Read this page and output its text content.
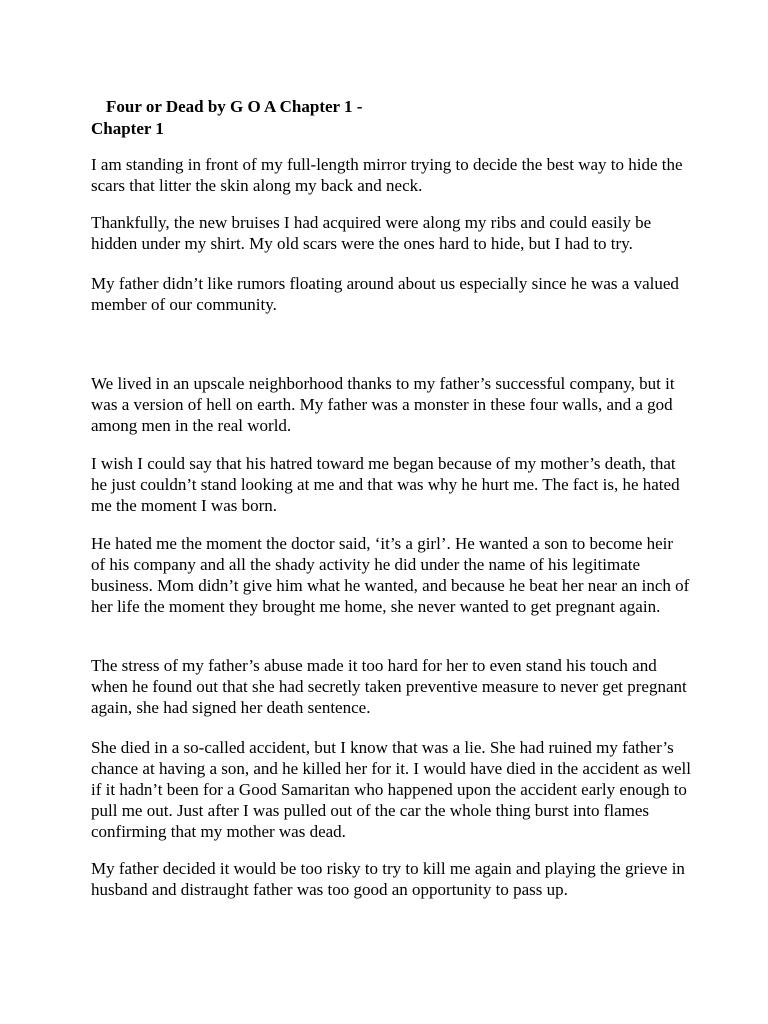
Four or Dead by G O A Chapter 1 -
Chapter 1

I am standing in front of my full-length mirror trying to decide the best way to hide the scars that litter the skin along my back and neck.

Thankfully, the new bruises I had acquired were along my ribs and could easily be hidden under my shirt. My old scars were the ones hard to hide, but I had to try.

My father didn’t like rumors floating around about us especially since he was a valued member of our community.

We lived in an upscale neighborhood thanks to my father’s successful company, but it was a version of hell on earth. My father was a monster in these four walls, and a god among men in the real world.

I wish I could say that his hatred toward me began because of my mother’s death, that he just couldn’t stand looking at me and that was why he hurt me. The fact is, he hated me the moment I was born.

He hated me the moment the doctor said, ‘it’s a girl’. He wanted a son to become heir of his company and all the shady activity he did under the name of his legitimate business. Mom didn’t give him what he wanted, and because he beat her near an inch of her life the moment they brought me home, she never wanted to get pregnant again.

The stress of my father’s abuse made it too hard for her to even stand his touch and when he found out that she had secretly taken preventive measure to never get pregnant again, she had signed her death sentence.

She died in a so-called accident, but I know that was a lie. She had ruined my father’s chance at having a son, and he killed her for it. I would have died in the accident as well if it hadn’t been for a Good Samaritan who happened upon the accident early enough to pull me out. Just after I was pulled out of the car the whole thing burst into flames confirming that my mother was dead.

My father decided it would be too risky to try to kill me again and playing the grieve in husband and distraught father was too good an opportunity to pass up.
